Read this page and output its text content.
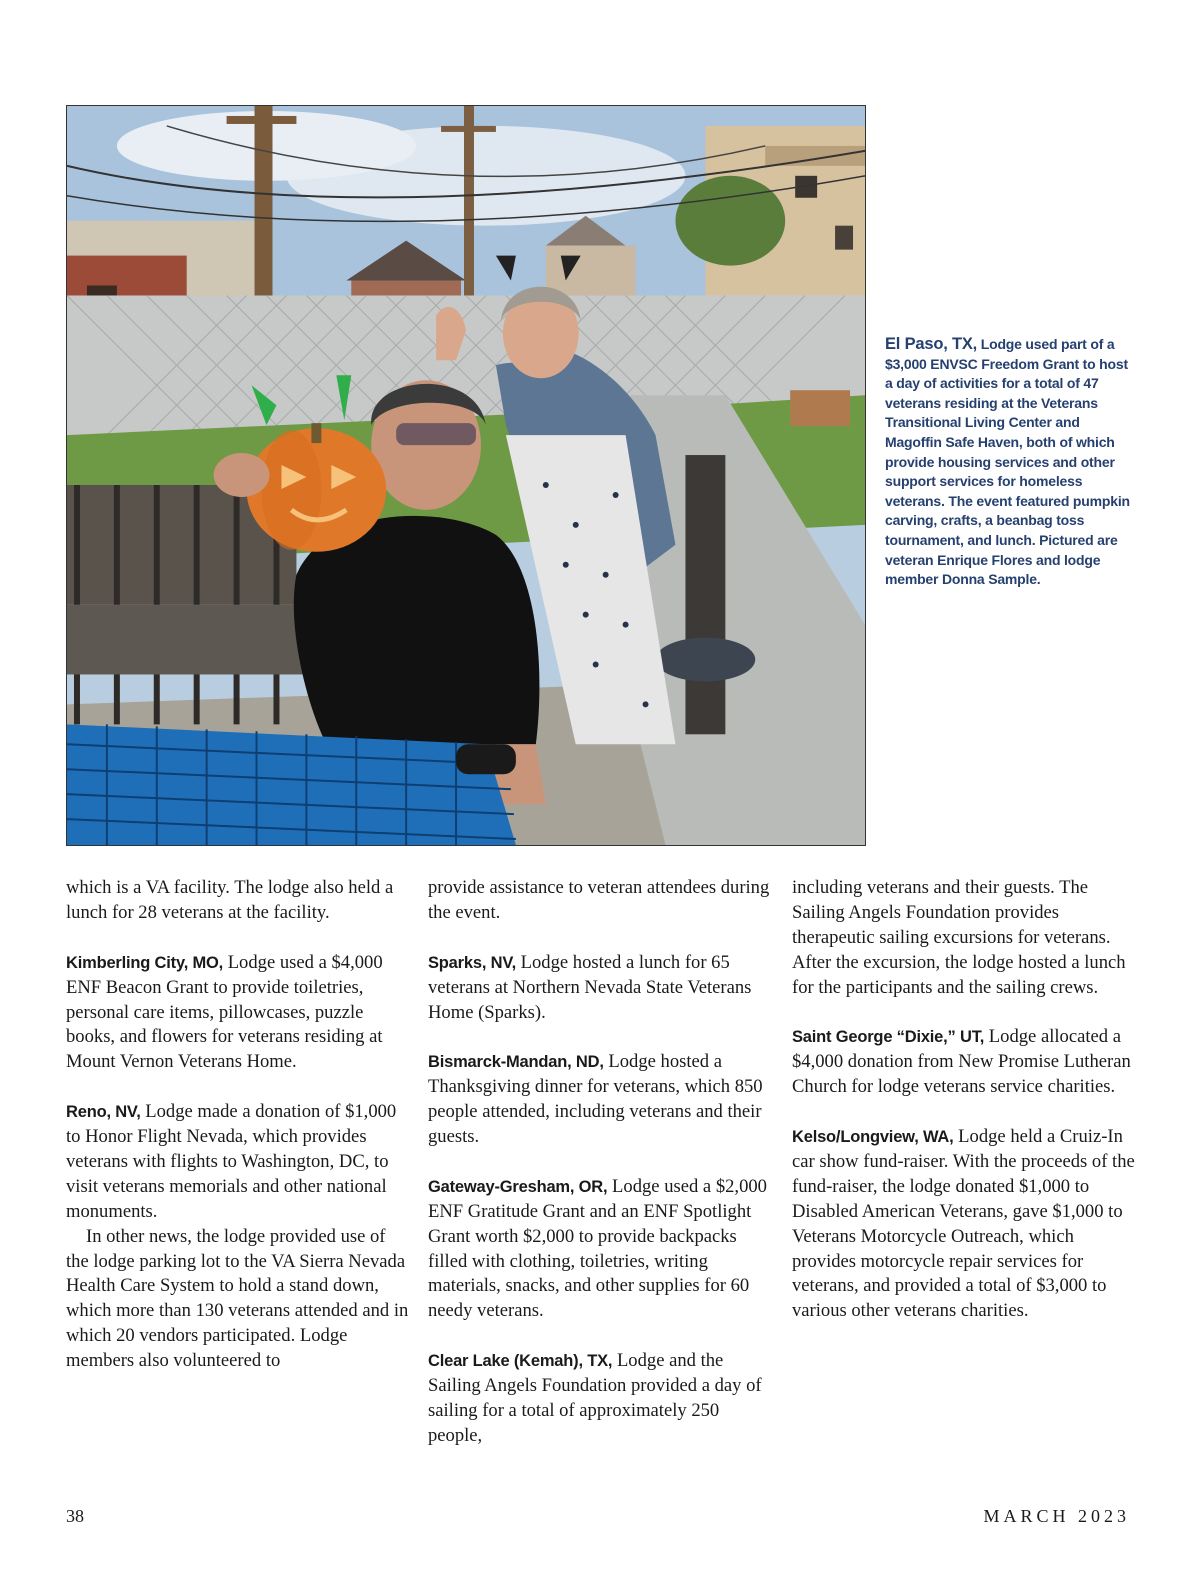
El Paso, TX, Lodge used part of a $3,000 ENVSC Freedom Grant to host a day of activities for a total of 47 veterans residing at the Veterans Transitional Living Center and Magoffin Safe Haven, both of which provide housing services and other support services for homeless veterans. The event featured pumpkin carving, crafts, a beanbag toss tournament, and lunch. Pictured are veteran Enrique Flores and lodge member Donna Sample.

which is a VA facility. The lodge also held a lunch for 28 veterans at the facility.

Kimberling City, MO, Lodge used a $4,000 ENF Beacon Grant to provide toiletries, personal care items, pillowcases, puzzle books, and flowers for veterans residing at Mount Vernon Veterans Home.

Reno, NV, Lodge made a donation of $1,000 to Honor Flight Nevada, which provides veterans with flights to Washington, DC, to visit veterans memorials and other national monuments.

In other news, the lodge provided use of the lodge parking lot to the VA Sierra Nevada Health Care System to hold a stand down, which more than 130 veterans attended and in which 20 vendors participated. Lodge members also volunteered to

provide assistance to veteran attendees during the event.

Sparks, NV, Lodge hosted a lunch for 65 veterans at Northern Nevada State Veterans Home (Sparks).

Bismarck-Mandan, ND, Lodge hosted a Thanksgiving dinner for veterans, which 850 people attended, including veterans and their guests.

Gateway-Gresham, OR, Lodge used a $2,000 ENF Gratitude Grant and an ENF Spotlight Grant worth $2,000 to provide backpacks filled with clothing, toiletries, writing materials, snacks, and other supplies for 60 needy veterans.

Clear Lake (Kemah), TX, Lodge and the Sailing Angels Foundation provided a day of sailing for a total of approximately 250 people,

including veterans and their guests. The Sailing Angels Foundation provides therapeutic sailing excursions for veterans. After the excursion, the lodge hosted a lunch for the participants and the sailing crews.

Saint George “Dixie,” UT, Lodge allocated a $4,000 donation from New Promise Lutheran Church for lodge veterans service charities.

Kelso/Longview, WA, Lodge held a Cruiz-In car show fund-raiser. With the proceeds of the fund-raiser, the lodge donated $1,000 to Disabled American Veterans, gave $1,000 to Veterans Motorcycle Outreach, which provides motorcycle repair services for veterans, and provided a total of $3,000 to various other veterans charities.

38	MARCH 2023
